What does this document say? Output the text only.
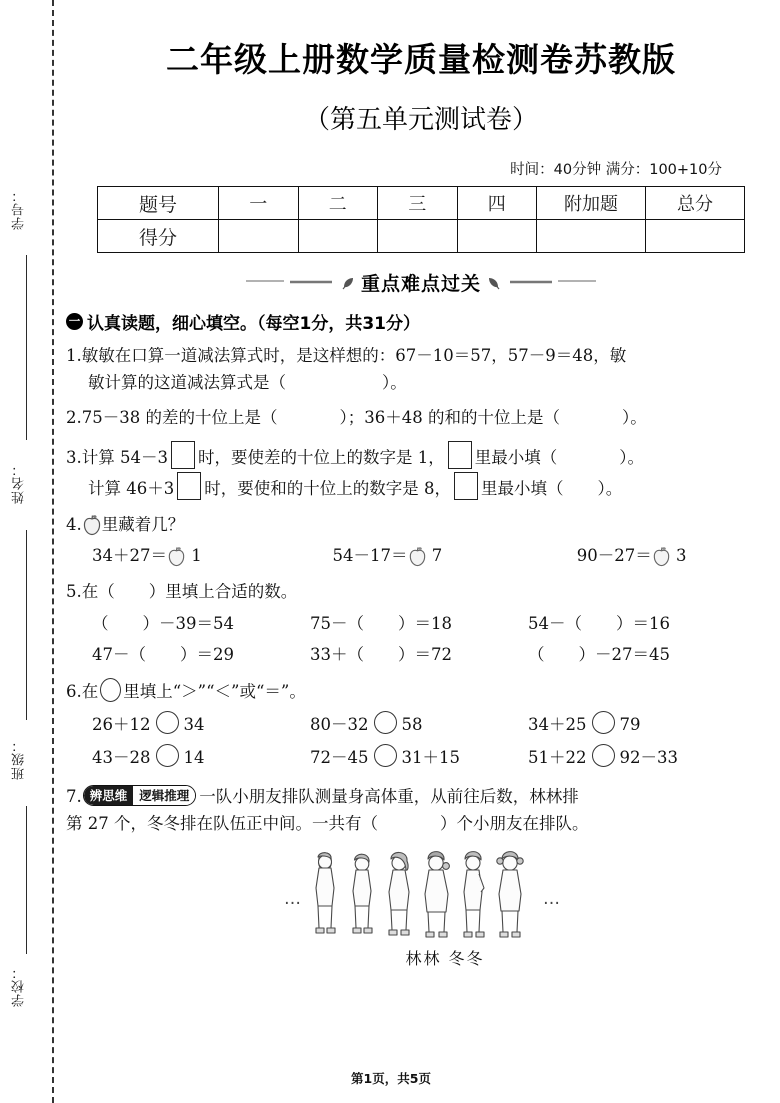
学号：
姓名：
班级：
学校：
二年级上册数学质量检测卷苏教版
（第五单元测试卷）
时间：40分钟 满分：100+10分
题号	一	二	三	四	附加题	总分
得分						
重点难点过关
一 认真读题，细心填空。（每空1分，共31分）
1.敏敏在口算一道减法算式时，是这样想的：67－10＝57，57－9＝48，敏
敏计算的这道减法算式是（	）。
2.75－38 的差的十位上是（	）；36＋48 的和的十位上是（	）。
3.计算 54－3 时，要使差的十位上的数字是 1， 里最小填（	）。
计算 46＋3 时，要使和的十位上的数字是 8， 里最小填（ ）。
4. 里藏着几？
34＋27＝ 1	54－17＝ 7	90－27＝ 3
5.在（ ）里填上合适的数。
（ ）－39＝54	75－（ ）＝18	54－（ ）＝16
47－（ ）＝29	33＋（ ）＝72	（ ）－27＝45
6.在 里填上“＞”“＜”或“＝”。
26＋12 34	80－32 58	34＋25 79
43－28 14	72－45 31＋15	51＋22 92－33
7. 辨思维 逻辑推理 一队小朋友排队测量身高体重，从前往后数，林林排
第 27 个，冬冬排在队伍正中间。一共有（	）个小朋友在排队。
…	…
林林 冬冬
第1页，共5页
